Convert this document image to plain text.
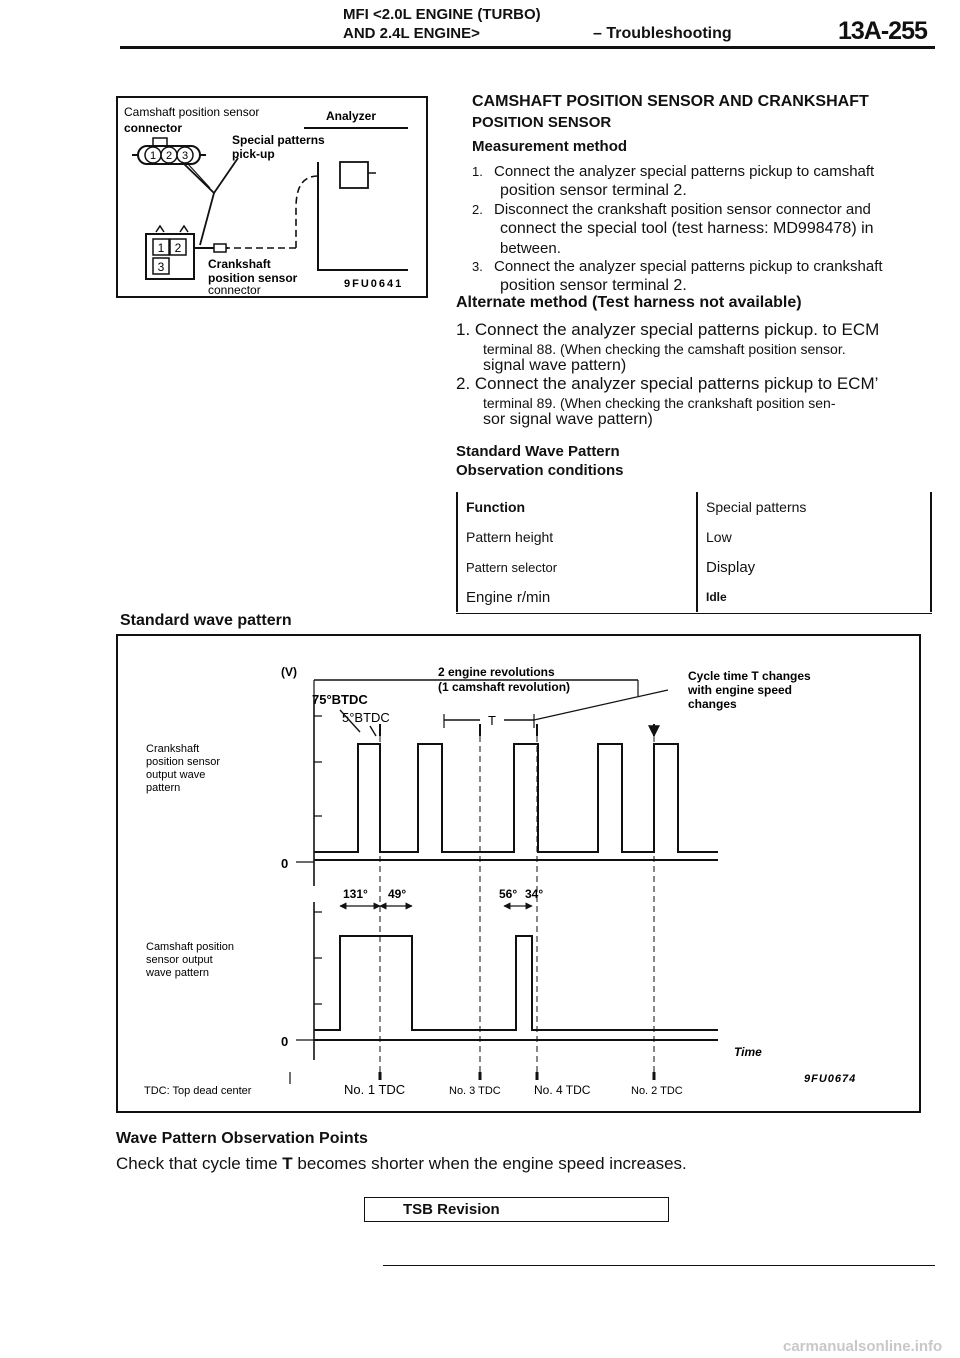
MFI <2.0L ENGINE (TURBO)
AND 2.4L ENGINE>	– Troubleshooting	13A-255
1 2 3
1 2
3
Camshaft position sensor
connector
Analyzer
Special patterns
pick-up
Crankshaft
position sensor
connector	9FU0641
CAMSHAFT POSITION SENSOR AND CRANKSHAFT
POSITION SENSOR
Measurement method
1. Connect the analyzer special patterns pickup to camshaft
position sensor terminal 2.
2. Disconnect the crankshaft position sensor connector and
connect the special tool (test harness: MD998478) in
between.
3. Connect the analyzer special patterns pickup to crankshaft
position sensor terminal 2.
Alternate method (Test harness not available)
1. Connect the analyzer special patterns pickup. to ECM
terminal 88. (When checking the camshaft position sensor.
signal wave pattern)
2. Connect the analyzer special patterns pickup to ECM’
terminal 89. (When checking the crankshaft position sen-
sor signal wave pattern)
Standard Wave Pattern
Observation conditions
Function	Special patterns
Pattern height	Low
Pattern selector	Display
Engine r/min	Idle
Standard wave pattern
(V)	2 engine revolutions
(1 camshaft revolution)
Cycle time T changes
with engine speed
changes
75°BTDC
5°BTDC	T
0
0
131° 49°	56° 34°
Crankshaft
position sensor
output wave
pattern
Camshaft position
sensor output
wave pattern
Time
TDC: Top dead center	No. 1 TDC	No. 3 TDC	No. 4 TDC	No. 2 TDC
9FU0674
Wave Pattern Observation Points
Check that cycle time T becomes shorter when the engine speed increases.
TSB Revision
carmanualsonline.info
